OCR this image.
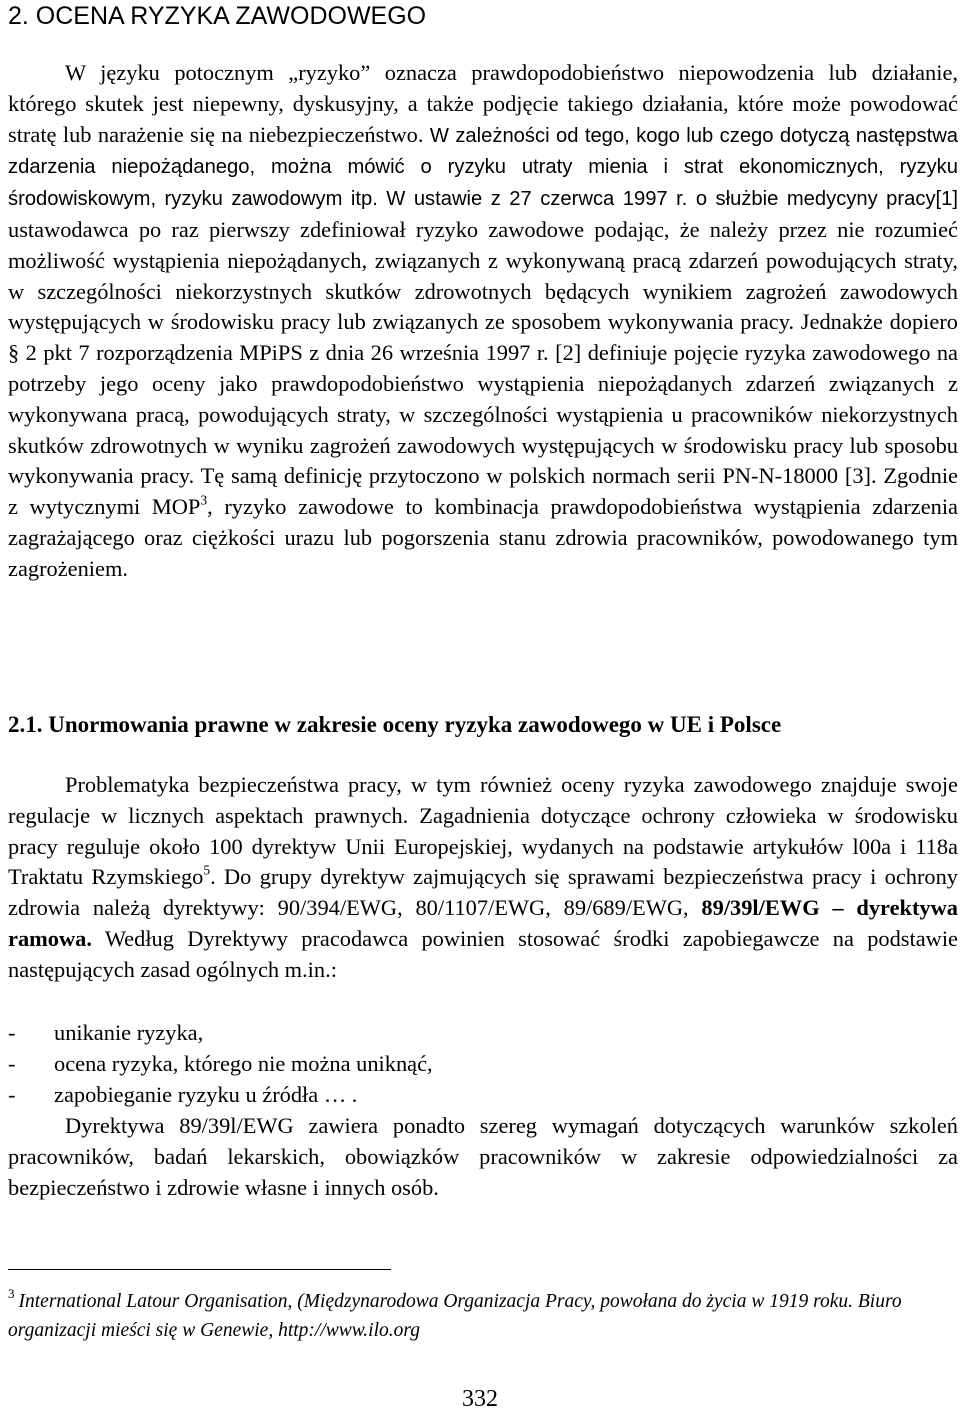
2. OCENA RYZYKA ZAWODOWEGO

W języku potocznym „ryzyko” oznacza prawdopodobieństwo niepowodzenia lub działanie, którego skutek jest niepewny, dyskusyjny, a także podjęcie takiego działania, które może powodować stratę lub narażenie się na niebezpieczeństwo. W zależności od tego, kogo lub czego dotyczą następstwa zdarzenia niepożądanego, można mówić o ryzyku utraty mienia i strat ekonomicznych, ryzyku środowiskowym, ryzyku zawodowym itp. W ustawie z 27 czerwca 1997 r. o służbie medycyny pracy[1] ustawodawca po raz pierwszy zdefiniował ryzyko zawodowe podając, że należy przez nie rozumieć możliwość wystąpienia niepożądanych, związanych z wykonywaną pracą zdarzeń powodujących straty, w szczególności niekorzystnych skutków zdrowotnych będących wynikiem zagrożeń zawodowych występujących w środowisku pracy lub związanych ze sposobem wykonywania pracy. Jednakże dopiero § 2 pkt 7 rozporządzenia MPiPS z dnia 26 września 1997 r. [2] definiuje pojęcie ryzyka zawodowego na potrzeby jego oceny jako prawdopodobieństwo wystąpienia niepożądanych zdarzeń związanych z wykonywana pracą, powodujących straty, w szczególności wystąpienia u pracowników niekorzystnych skutków zdrowotnych w wyniku zagrożeń zawodowych występujących w środowisku pracy lub sposobu wykonywania pracy. Tę samą definicję przytoczono w polskich normach serii PN-N-18000 [3]. Zgodnie z wytycznymi MOP$^3$, ryzyko zawodowe to kombinacja prawdopodobieństwa wystąpienia zdarzenia zagrażającego oraz ciężkości urazu lub pogorszenia stanu zdrowia pracowników, powodowanego tym zagrożeniem.

2.1. Unormowania prawne w zakresie oceny ryzyka zawodowego w UE i Polsce

Problematyka bezpieczeństwa pracy, w tym również oceny ryzyka zawodowego znajduje swoje regulacje w licznych aspektach prawnych. Zagadnienia dotyczące ochrony człowieka w środowisku pracy reguluje około 100 dyrektyw Unii Europejskiej, wydanych na podstawie artykułów l00a i 118a Traktatu Rzymskiego$^5$. Do grupy dyrektyw zajmujących się sprawami bezpieczeństwa pracy i ochrony zdrowia należą dyrektywy: 90/394/EWG, 80/1107/EWG, 89/689/EWG, 89/39l/EWG – dyrektywa ramowa. Według Dyrektywy pracodawca powinien stosować środki zapobiegawcze na podstawie następujących zasad ogólnych m.in.:

-	unikanie ryzyka,
-	ocena ryzyka, którego nie można uniknąć,
-	zapobieganie ryzyku u źródła … .

Dyrektywa 89/39l/EWG zawiera ponadto szereg wymagań dotyczących warunków szkoleń pracowników, badań lekarskich, obowiązków pracowników w zakresie odpowiedzialności za bezpieczeństwo i zdrowie własne i innych osób.

$^3$ International Latour Organisation, (Międzynarodowa Organizacja Pracy, powołana do życia w 1919 roku. Biuro organizacji mieści się w Genewie, http://www.ilo.org

332
